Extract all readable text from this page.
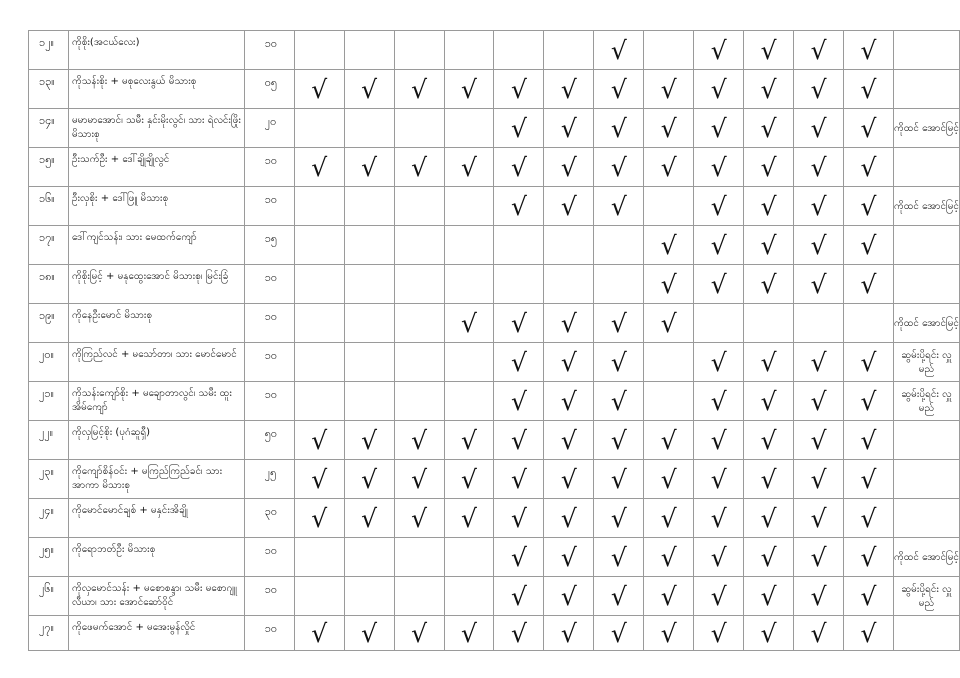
၁၂။	ကိုစိုး(အငယ်လေး)	၁၀							√		√	√	√	√	
၁၃။	ကိုသန်းစိုး + မစုလေးနွယ် မိသားစု	၀၅	√	√	√	√	√	√	√	√	√	√	√	√	
၁၄။	မမာမာအောင်၊ သမီး နှင်းမိုးလွင်၊ သား ရဲလင်းဖြိုး မိသားစု	၂၀					√	√	√	√	√	√	√	√	ကိုထင် အောင်မြင့်
၁၅။	ဦးသက်ဦး + ဒေါ်ချိုချိုလွင်	၁၀	√	√	√	√	√	√	√	√	√	√	√	√	
၁၆။	ဦးလှစိုး + ဒေါ်ဖြူ မိသားစု	၁၀					√	√	√		√	√	√	√	ကိုထင် အောင်မြင့်
၁၇။	ဒေါ်ကျင်သန်း၊ သား မေထက်ကျော်	၁၅								√	√	√	√	√	
၁၈။	ကိုစိုးမြင့် + မနုထွေးအောင် မိသားစု၊ မြင်းခြံ	၁၀								√	√	√	√	√	
၁၉။	ကိုနေဦးမောင် မိသားစု	၁၀				√	√	√	√	√					ကိုထင် အောင်မြင့်
၂၀။	ကိုကြည်လင် + မသော်တာ၊ သား မောင်မောင်	၁၀					√	√	√		√	√	√	√	ဆွမ်းပို့ရင်း လှူမည်
၂၁။	ကိုသန်းကျော်စိုး + မချောတာလွင်၊ သမီး ထူးအိမ်ကျော်	၁၀					√	√	√		√	√	√	√	ဆွမ်းပို့ရင်း လှူမည်
၂၂။	ကိုလှမြင့်စိုး (ပုဂံဆူရှီ)	၅၀	√	√	√	√	√	√	√	√	√	√	√	√	
၂၃။	ကိုကျော်စိန်ဝင်း + မကြည်ကြည်ခင်၊ သား အာကာ မိသားစု	၂၅	√	√	√	√	√	√	√	√	√	√	√	√	
၂၄။	ကိုမောင်မောင်ချစ် + မနှင်းအိချို	၃၀	√	√	√	√	√	√	√	√	√	√	√	√	
၂၅။	ကိုရောဘတ်ဦး မိသားစု	၁၀					√	√	√	√	√	√	√	√	ကိုထင် အောင်မြင့်
၂၆။	ကိုလှမောင်သန်း + မစောစန္ဒာ၊ သမီး မစောဂျူလီယာ၊ သား အောင်ဆော်ဝိုင်	၁၀					√	√	√	√	√	√	√	√	ဆွမ်းပို့ရင်း လှူမည်
၂၇။	ကိုဖေမက်အောင် + မအေးမွန်လှိုင်	၁၀	√	√	√	√	√	√	√	√	√	√	√	√	
